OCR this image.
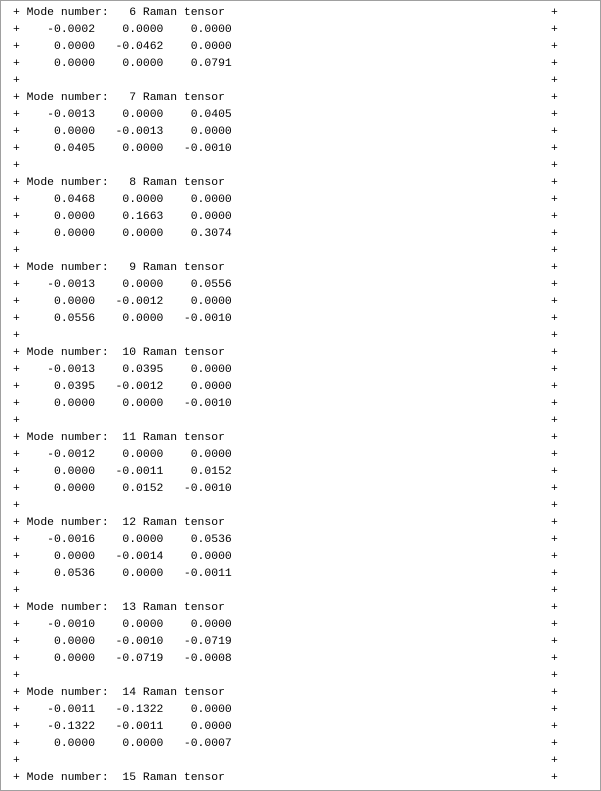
+ Mode number:   6 Raman tensor	+
+    -0.0002    0.0000    0.0000	+
+     0.0000   -0.0462    0.0000	+
+     0.0000    0.0000    0.0791	+
+	+
+ Mode number:   7 Raman tensor	+
+    -0.0013    0.0000    0.0405	+
+     0.0000   -0.0013    0.0000	+
+     0.0405    0.0000   -0.0010	+
+	+
+ Mode number:   8 Raman tensor	+
+     0.0468    0.0000    0.0000	+
+     0.0000    0.1663    0.0000	+
+     0.0000    0.0000    0.3074	+
+	+
+ Mode number:   9 Raman tensor	+
+    -0.0013    0.0000    0.0556	+
+     0.0000   -0.0012    0.0000	+
+     0.0556    0.0000   -0.0010	+
+	+
+ Mode number:  10 Raman tensor	+
+    -0.0013    0.0395    0.0000	+
+     0.0395   -0.0012    0.0000	+
+     0.0000    0.0000   -0.0010	+
+	+
+ Mode number:  11 Raman tensor	+
+    -0.0012    0.0000    0.0000	+
+     0.0000   -0.0011    0.0152	+
+     0.0000    0.0152   -0.0010	+
+	+
+ Mode number:  12 Raman tensor	+
+    -0.0016    0.0000    0.0536	+
+     0.0000   -0.0014    0.0000	+
+     0.0536    0.0000   -0.0011	+
+	+
+ Mode number:  13 Raman tensor	+
+    -0.0010    0.0000    0.0000	+
+     0.0000   -0.0010   -0.0719	+
+     0.0000   -0.0719   -0.0008	+
+	+
+ Mode number:  14 Raman tensor	+
+    -0.0011   -0.1322    0.0000	+
+    -0.1322   -0.0011    0.0000	+
+     0.0000    0.0000   -0.0007	+
+	+
+ Mode number:  15 Raman tensor	+
